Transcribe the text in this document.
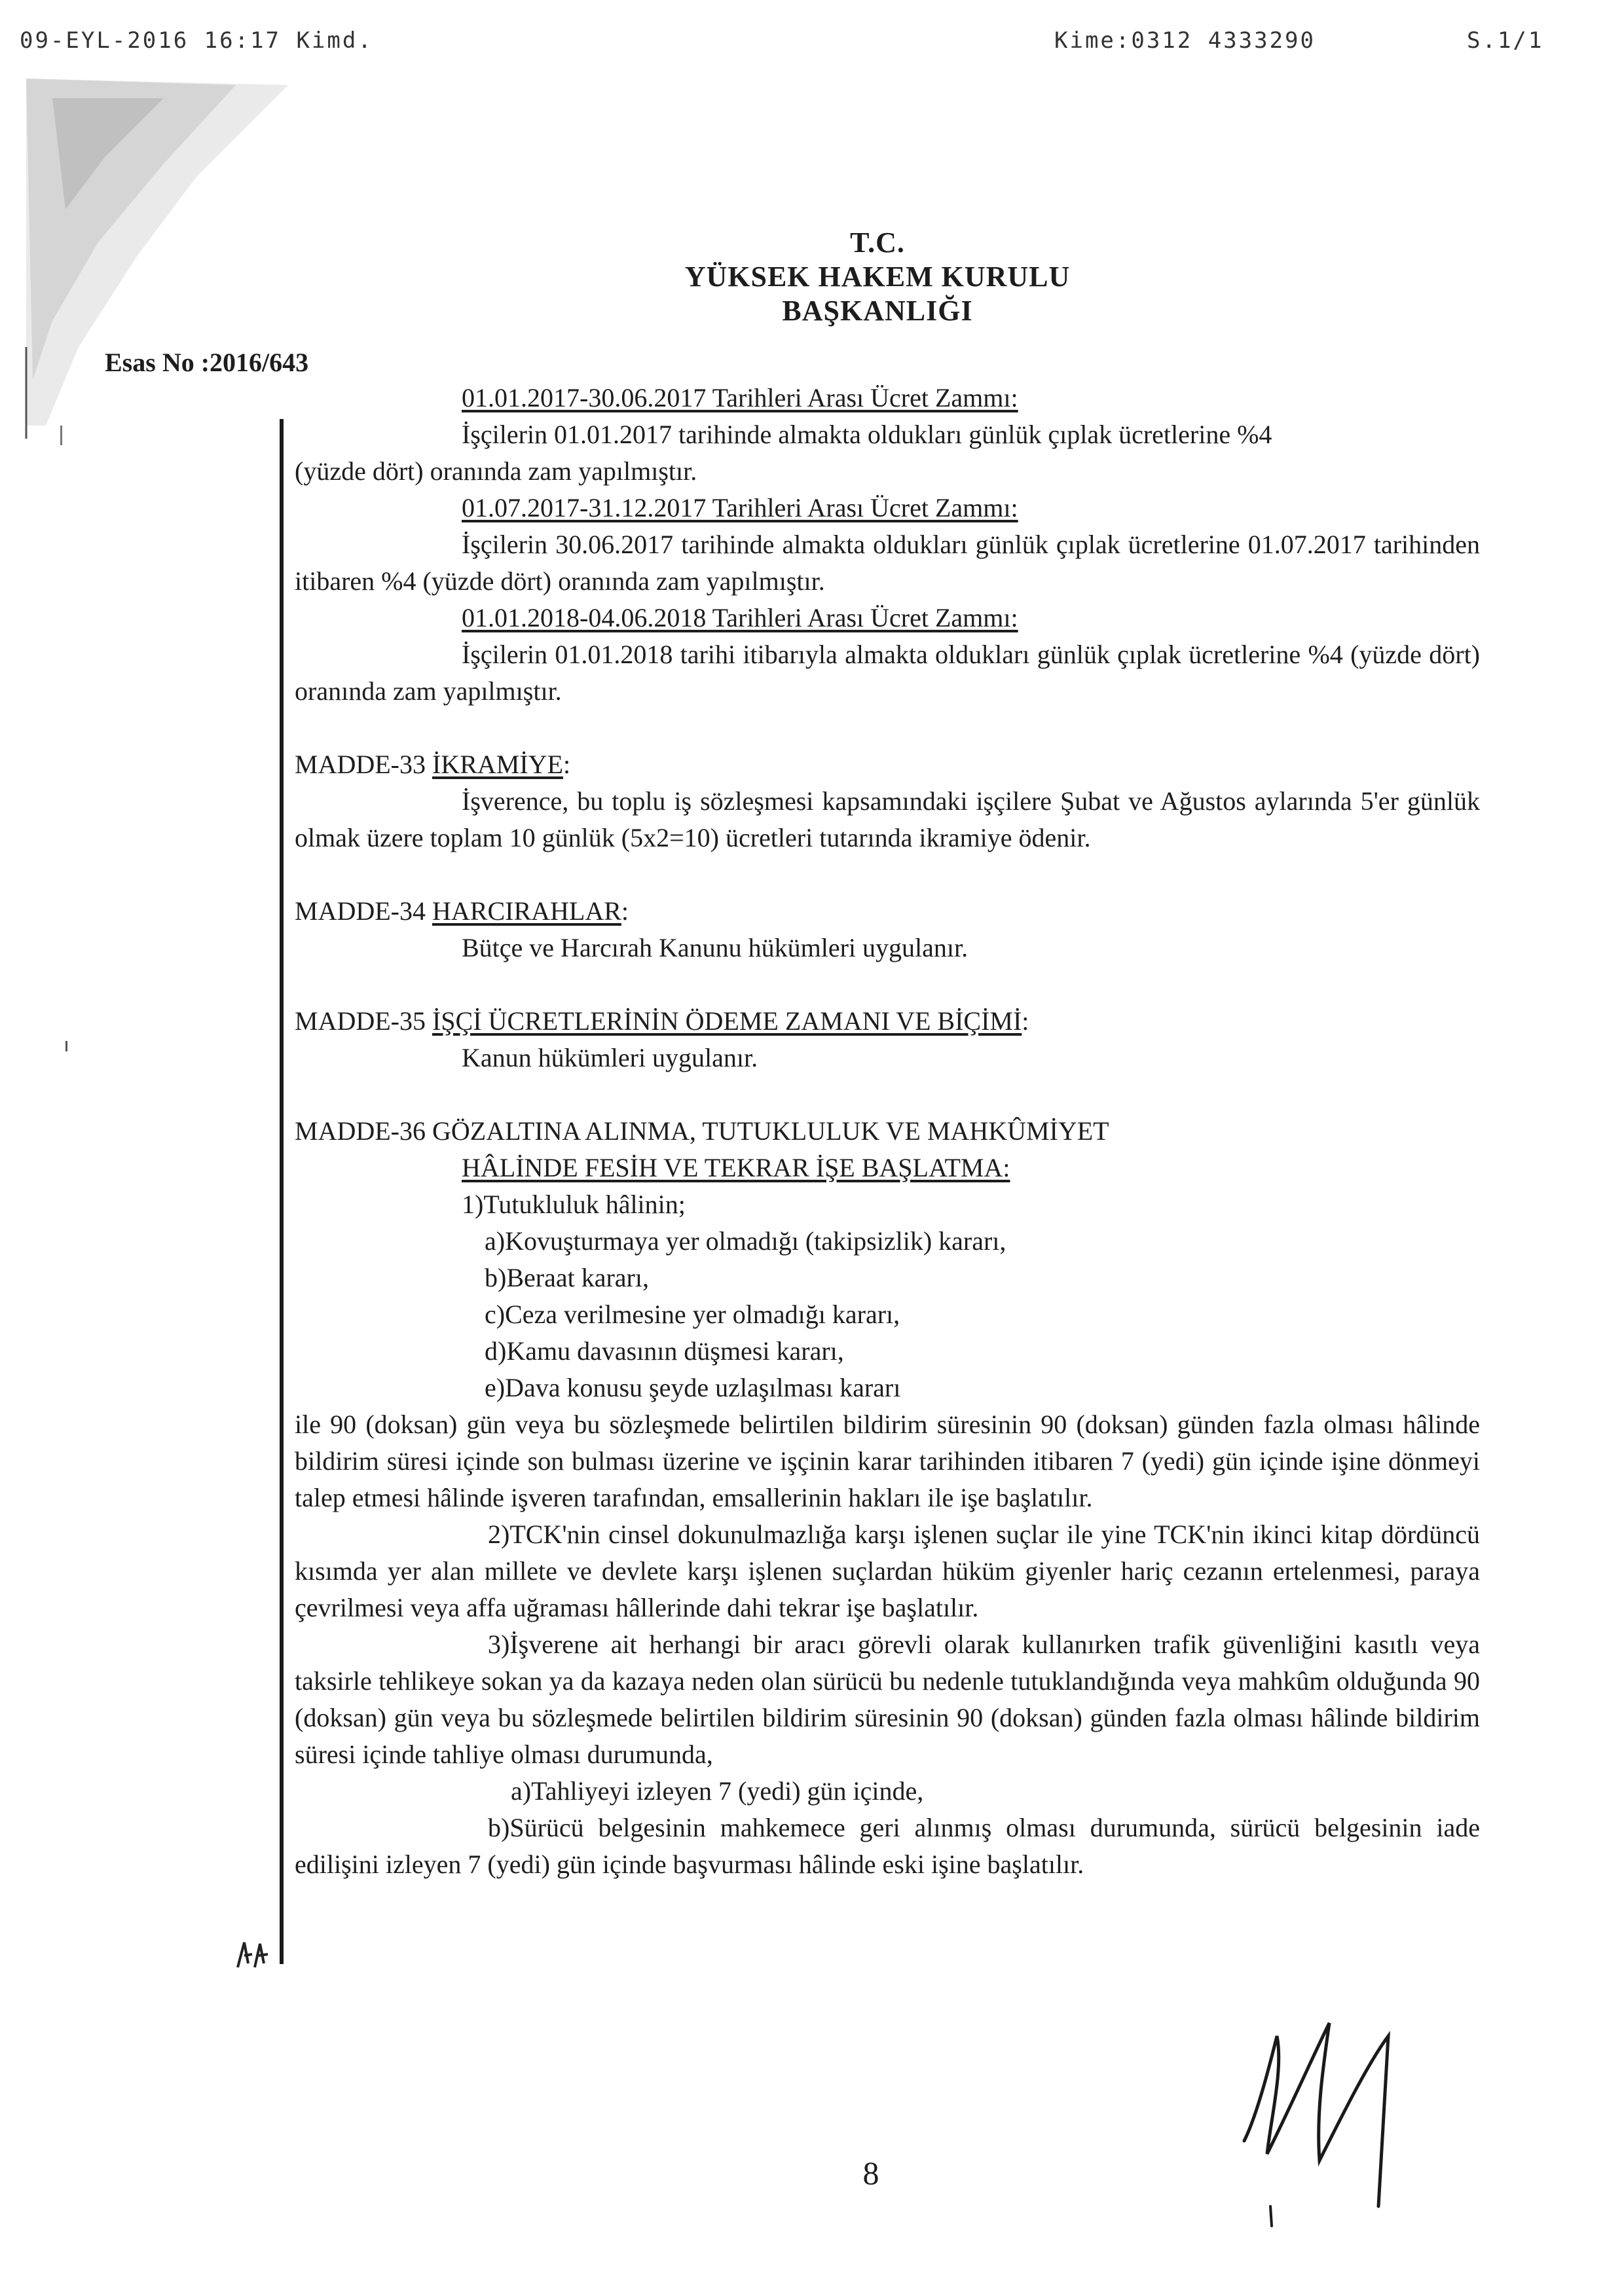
09-EYL-2016 16:17 Kimd.	Kime:0312 4333290	S.1/1
T.C.
YÜKSEK HAKEM KURULU
BAŞKANLIĞI
Esas No :2016/643

01.01.2017-30.06.2017 Tarihleri Arası Ücret Zammı:

İşçilerin 01.01.2017 tarihinde almakta oldukları günlük çıplak ücretlerine %4

(yüzde dört) oranında zam yapılmıştır.

01.07.2017-31.12.2017 Tarihleri Arası Ücret Zammı:

İşçilerin 30.06.2017 tarihinde almakta oldukları günlük çıplak ücretlerine 01.07.2017 tarihinden itibaren %4 (yüzde dört) oranında zam yapılmıştır.

01.01.2018-04.06.2018 Tarihleri Arası Ücret Zammı:

İşçilerin 01.01.2018 tarihi itibarıyla almakta oldukları günlük çıplak ücretlerine %4 (yüzde dört) oranında zam yapılmıştır.

MADDE-33 İKRAMİYE:

İşverence, bu toplu iş sözleşmesi kapsamındaki işçilere Şubat ve Ağustos aylarında 5'er günlük olmak üzere toplam 10 günlük (5x2=10) ücretleri tutarında ikramiye ödenir.

MADDE-34 HARCIRAHLAR:

Bütçe ve Harcırah Kanunu hükümleri uygulanır.

MADDE-35 İŞÇİ ÜCRETLERİNİN ÖDEME ZAMANI VE BİÇİMİ:

Kanun hükümleri uygulanır.

MADDE-36 GÖZALTINA ALINMA, TUTUKLULUK VE MAHKÛMİYET

HÂLİNDE FESİH VE TEKRAR İŞE BAŞLATMA:

1)Tutukluluk hâlinin;

a)Kovuşturmaya yer olmadığı (takipsizlik) kararı,

b)Beraat kararı,

c)Ceza verilmesine yer olmadığı kararı,

d)Kamu davasının düşmesi kararı,

e)Dava konusu şeyde uzlaşılması kararı

ile 90 (doksan) gün veya bu sözleşmede belirtilen bildirim süresinin 90 (doksan) günden fazla olması hâlinde bildirim süresi içinde son bulması üzerine ve işçinin karar tarihinden itibaren 7 (yedi) gün içinde işine dönmeyi talep etmesi hâlinde işveren tarafından, emsallerinin hakları ile işe başlatılır.

2)TCK'nin cinsel dokunulmazlığa karşı işlenen suçlar ile yine TCK'nin ikinci kitap dördüncü kısımda yer alan millete ve devlete karşı işlenen suçlardan hüküm giyenler hariç cezanın ertelenmesi, paraya çevrilmesi veya affa uğraması hâllerinde dahi tekrar işe başlatılır.

3)İşverene ait herhangi bir aracı görevli olarak kullanırken trafik güvenliğini kasıtlı veya taksirle tehlikeye sokan ya da kazaya neden olan sürücü bu nedenle tutuklandığında veya mahkûm olduğunda 90 (doksan) gün veya bu sözleşmede belirtilen bildirim süresinin 90 (doksan) günden fazla olması hâlinde bildirim süresi içinde tahliye olması durumunda,

a)Tahliyeyi izleyen 7 (yedi) gün içinde,

b)Sürücü belgesinin mahkemece geri alınmış olması durumunda, sürücü belgesinin iade edilişini izleyen 7 (yedi) gün içinde başvurması hâlinde eski işine başlatılır.

8
